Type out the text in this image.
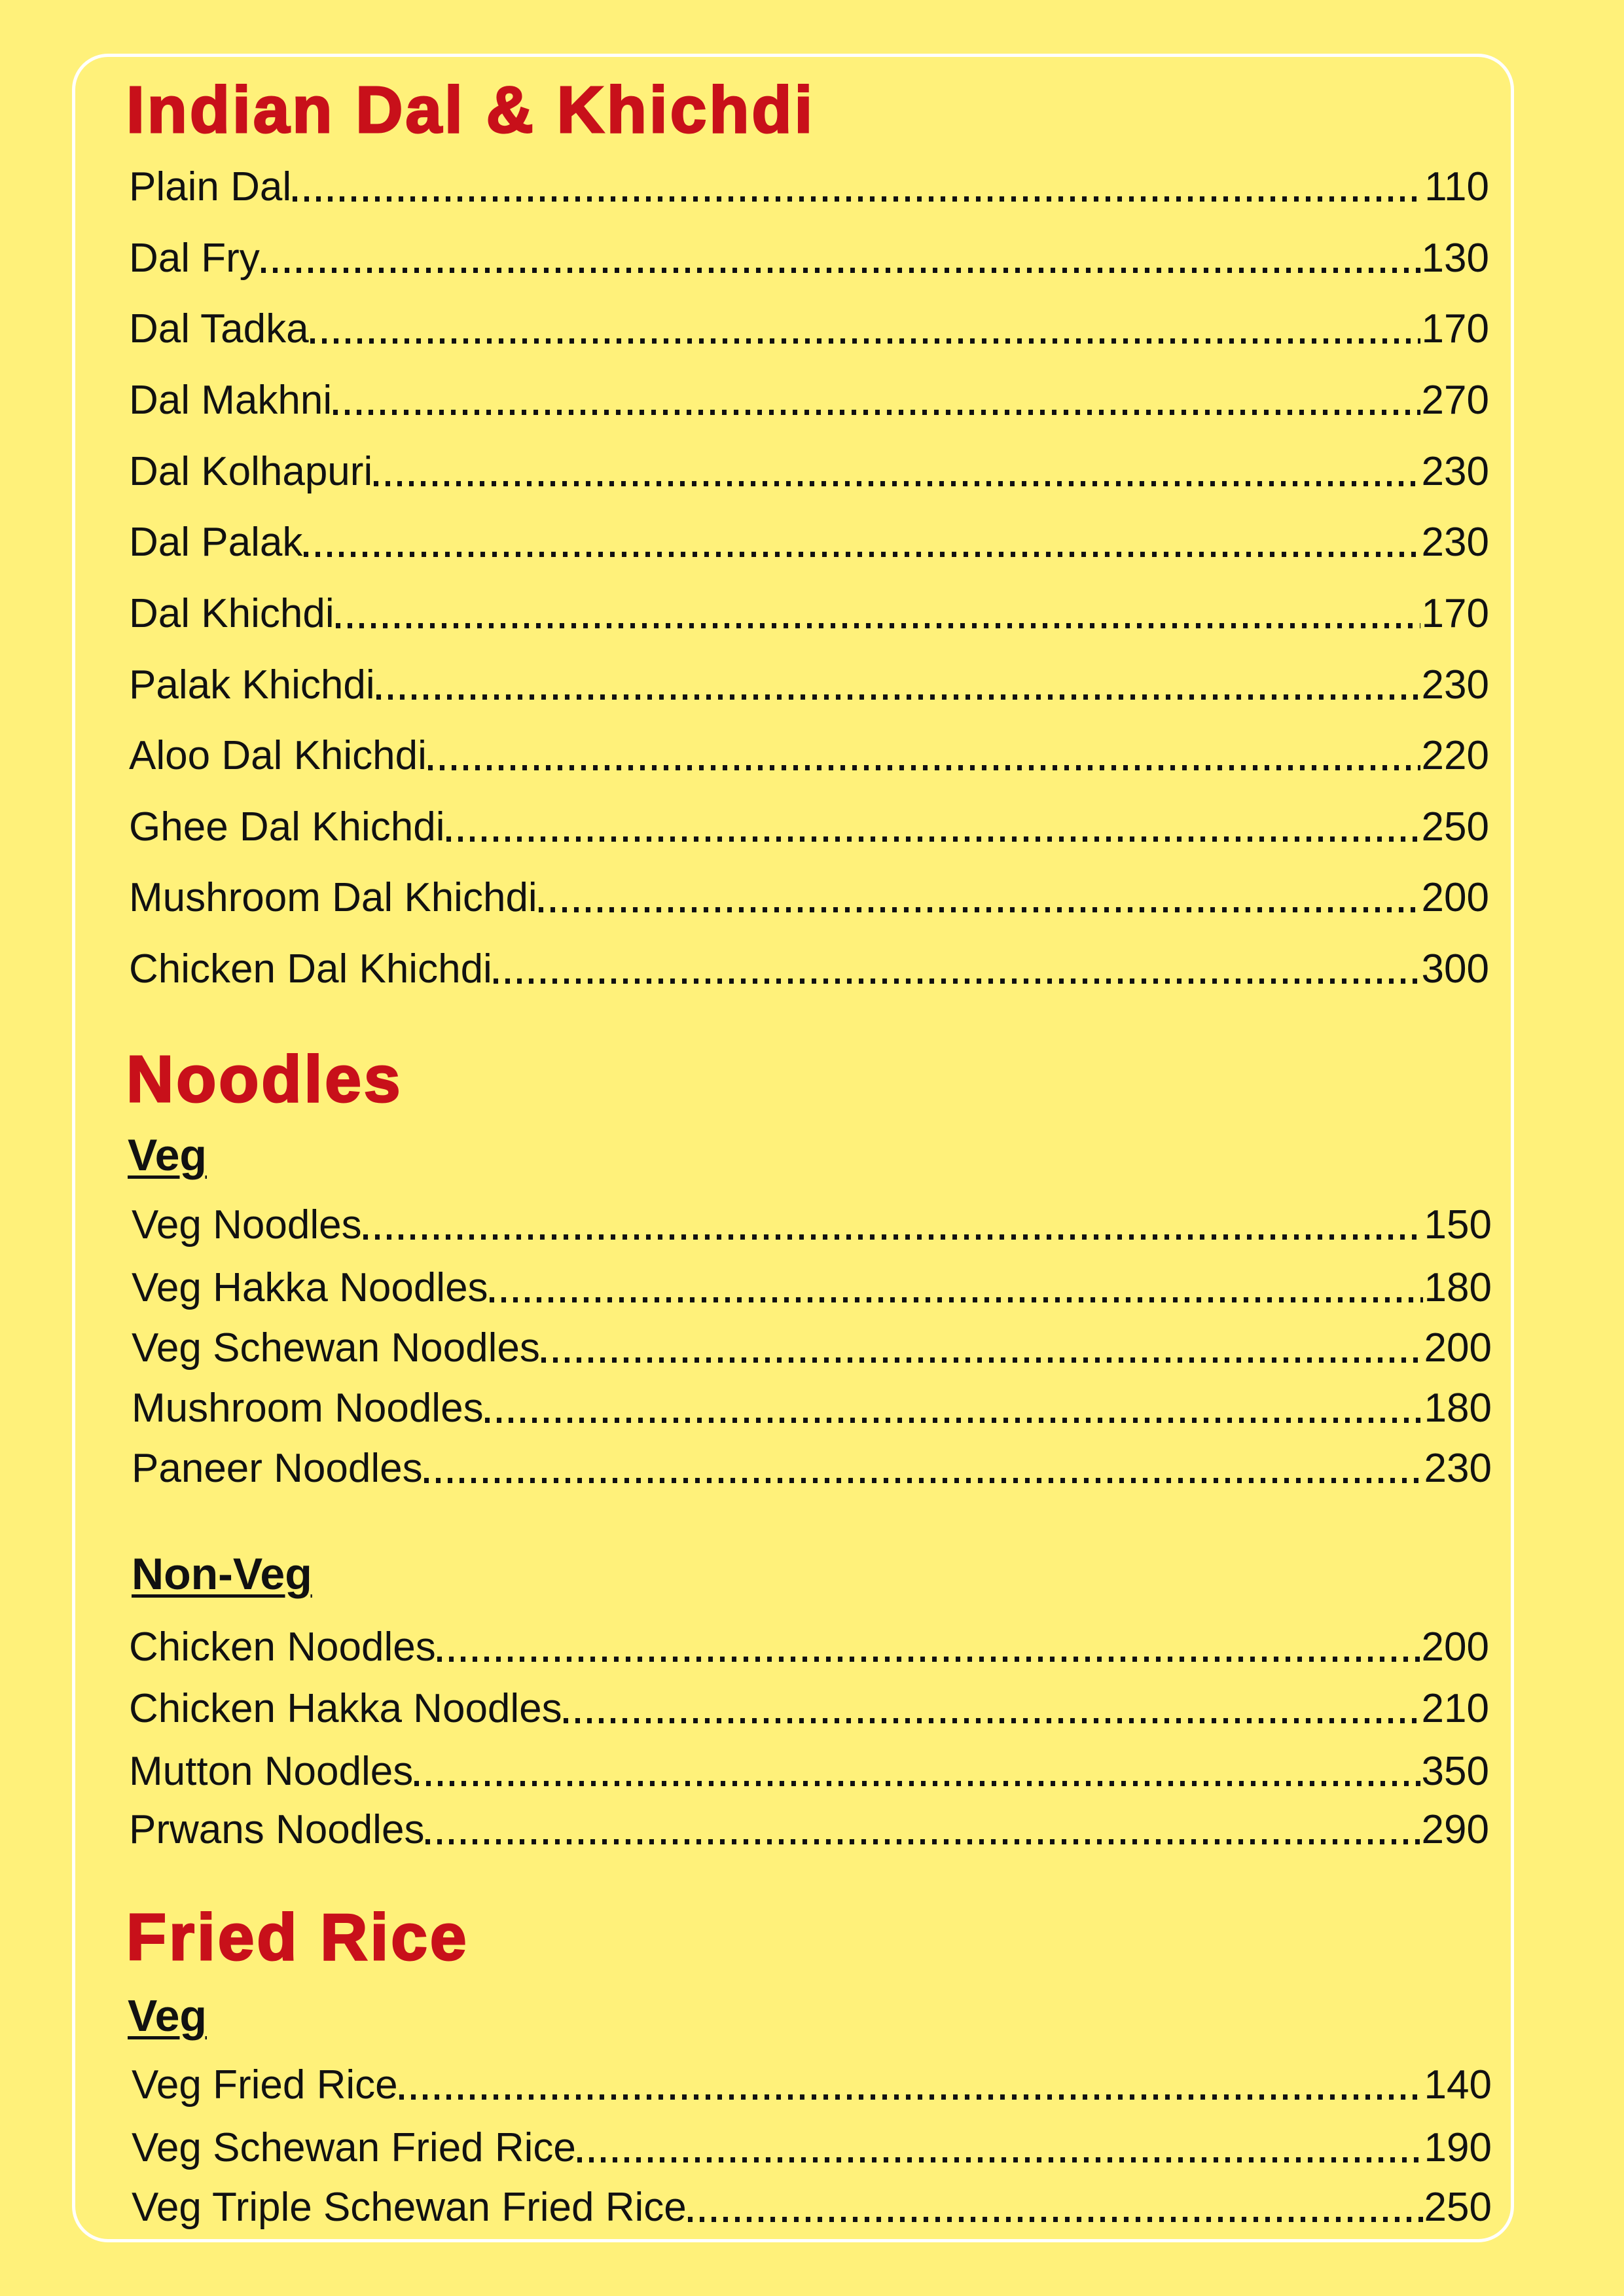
Indian Dal & Khichdi
Plain Dal	110
Dal Fry	130
Dal Tadka	170
Dal Makhni	270
Dal Kolhapuri	230
Dal Palak	230
Dal Khichdi	170
Palak Khichdi	230
Aloo Dal Khichdi	220
Ghee Dal Khichdi	250
Mushroom Dal Khichdi	200
Chicken Dal Khichdi	300
Noodles
Veg
Veg Noodles	150
Veg Hakka Noodles	180
Veg Schewan Noodles	200
Mushroom Noodles	180
Paneer Noodles	230
Non-Veg
Chicken Noodles	200
Chicken Hakka Noodles	210
Mutton Noodles	350
Prwans Noodles	290
Fried Rice
Veg
Veg Fried Rice	140
Veg Schewan Fried Rice	190
Veg Triple Schewan Fried Rice	250
